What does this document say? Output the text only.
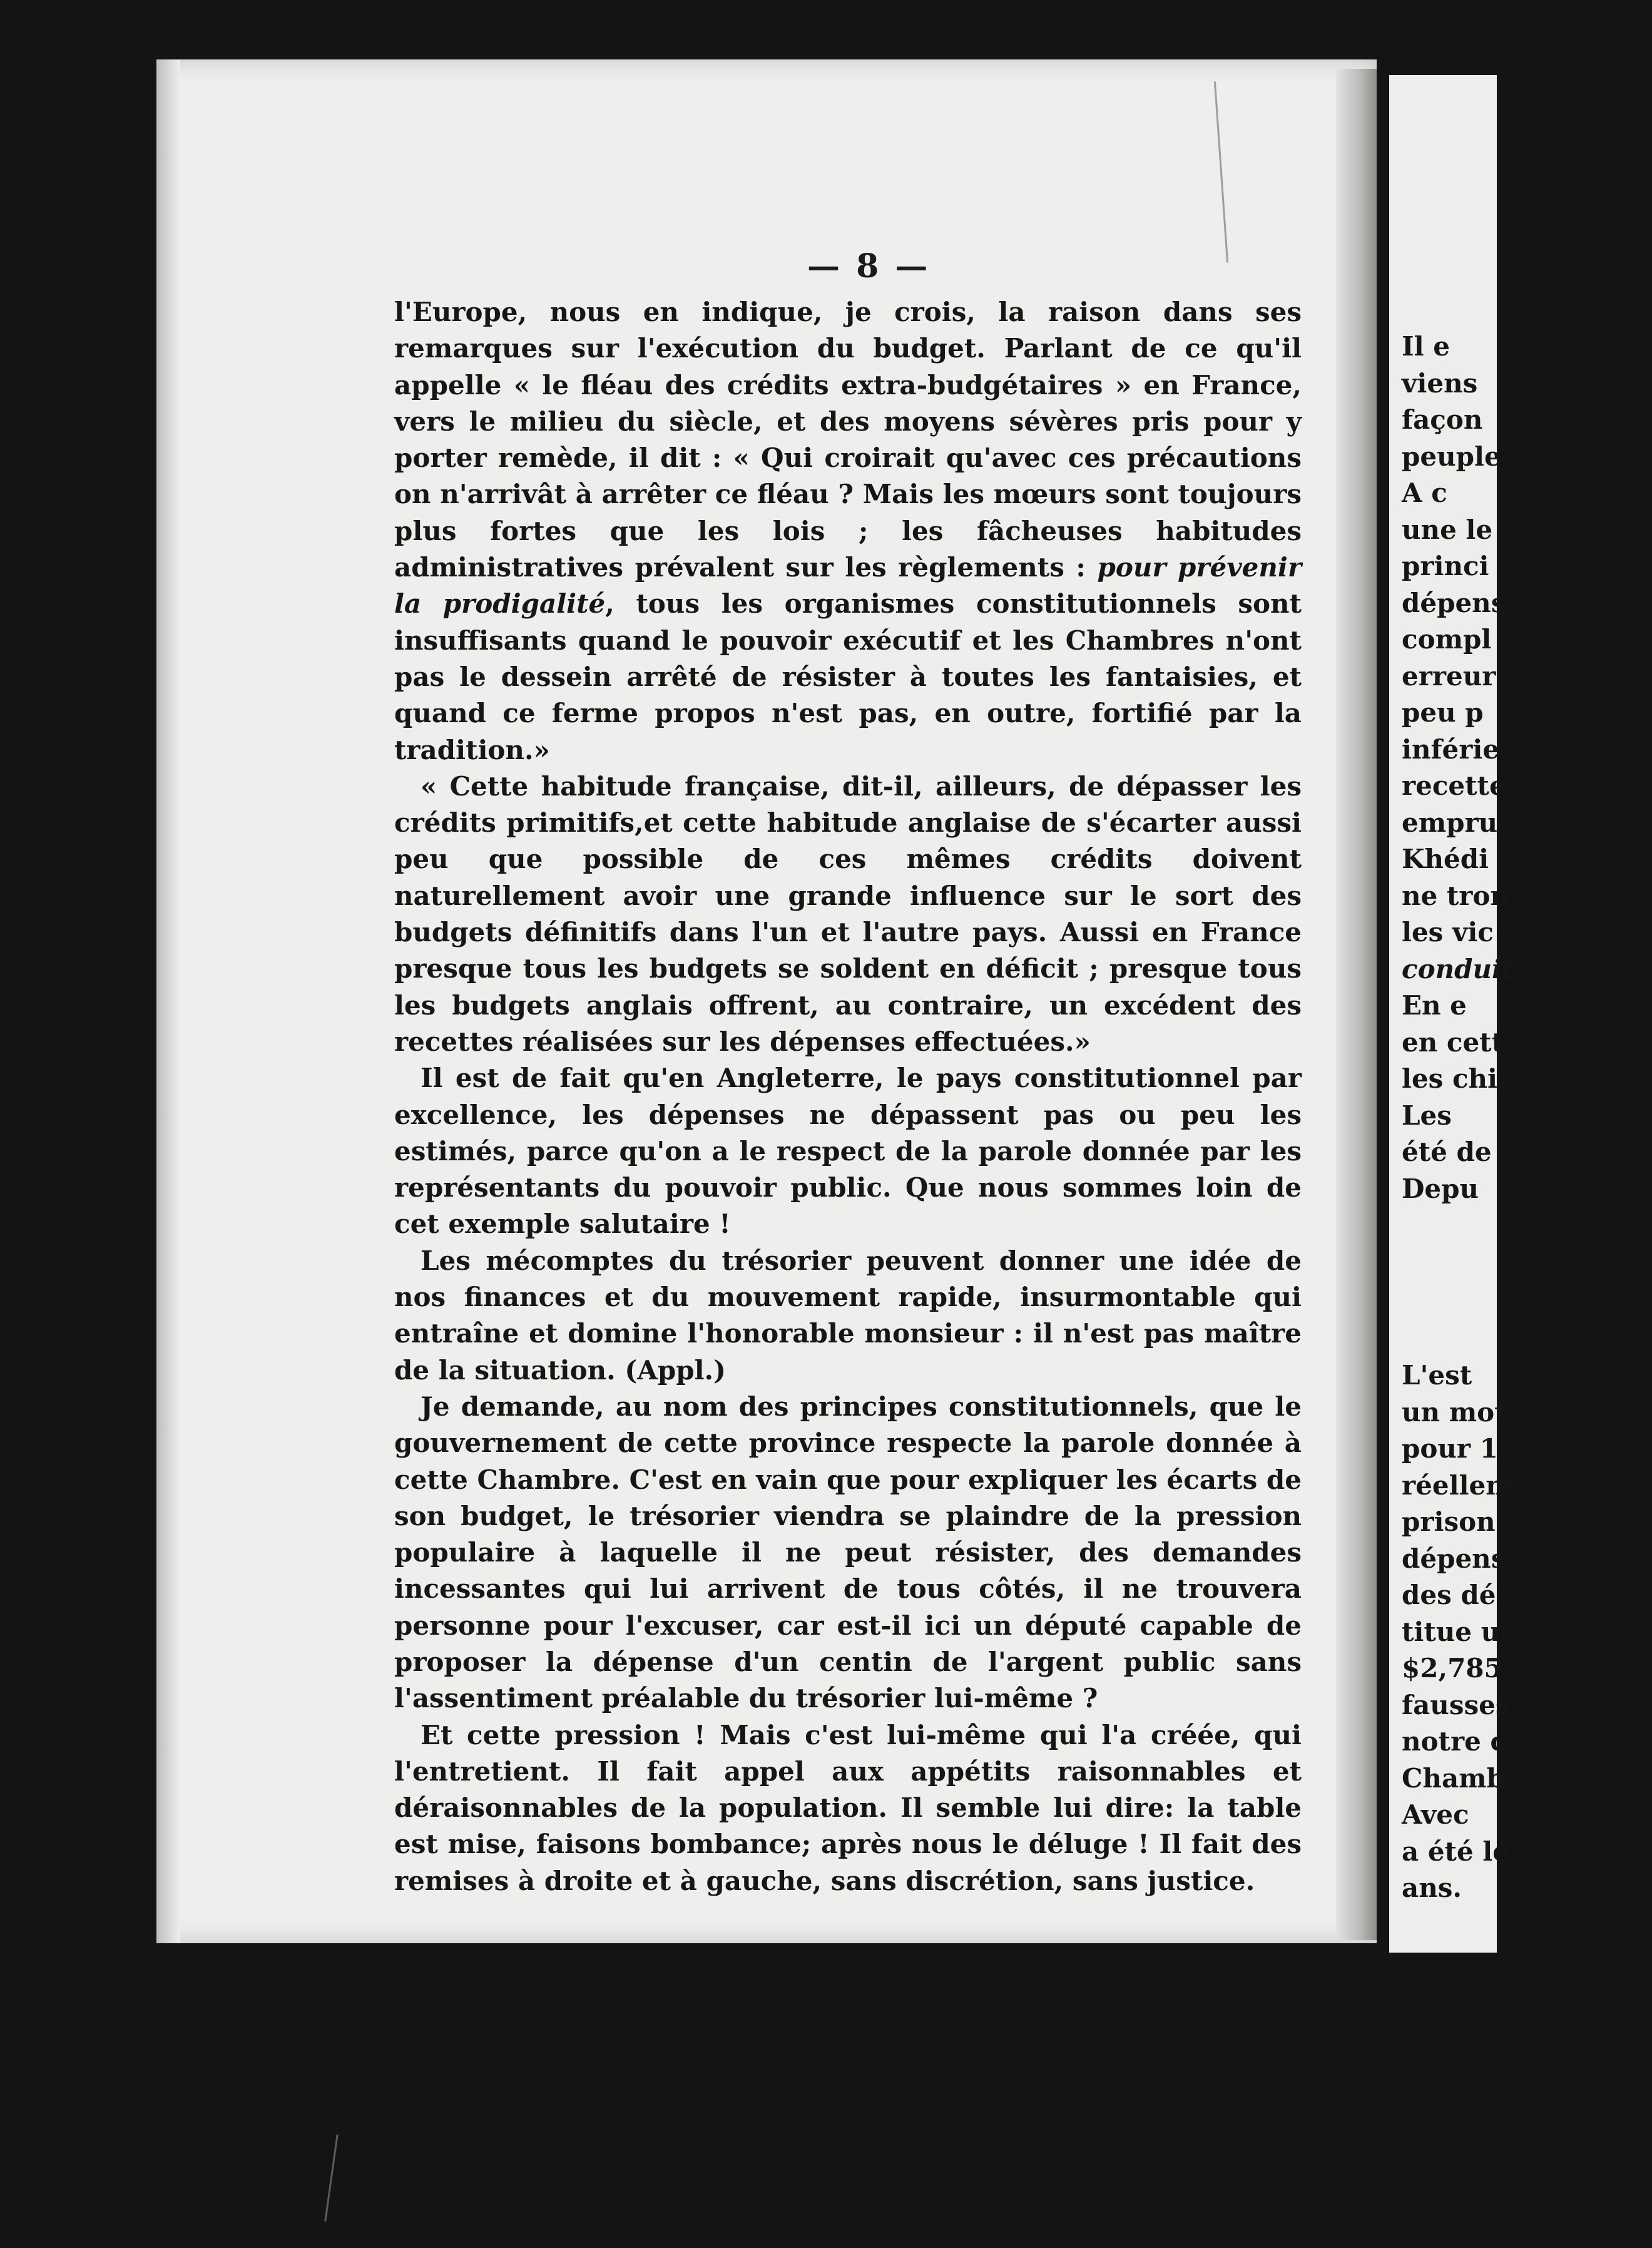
— 8 —

l'Europe, nous en indique, je crois, la raison dans ses remarques sur l'exécution du budget. Parlant de ce qu'il appelle « le fléau des crédits extra-budgétaires » en France, vers le milieu du siècle, et des moyens sévères pris pour y porter remède, il dit : « Qui croirait qu'avec ces précautions on n'arrivât à arrêter ce fléau ? Mais les mœurs sont toujours plus fortes que les lois ; les fâcheuses habitudes administratives prévalent sur les règlements : pour prévenir la prodigalité, tous les organismes constitutionnels sont insuffisants quand le pouvoir exécutif et les Chambres n'ont pas le dessein arrêté de résister à toutes les fantaisies, et quand ce ferme propos n'est pas, en outre, fortifié par la tradition.»

« Cette habitude française, dit-il, ailleurs, de dépasser les crédits primitifs,et cette habitude anglaise de s'écarter aussi peu que possible de ces mêmes crédits doivent naturellement avoir une grande influence sur le sort des budgets définitifs dans l'un et l'autre pays. Aussi en France presque tous les budgets se soldent en déficit ; presque tous les budgets anglais offrent, au contraire, un excédent des recettes réalisées sur les dépenses effectuées.»

Il est de fait qu'en Angleterre, le pays constitutionnel par excellence, les dépenses ne dépassent pas ou peu les estimés, parce qu'on a le respect de la parole donnée par les représentants du pouvoir public. Que nous sommes loin de cet exemple salutaire !

Les mécomptes du trésorier peuvent donner une idée de nos finances et du mouvement rapide, insurmontable qui entraîne et domine l'honorable monsieur : il n'est pas maître de la situation. (Appl.)

Je demande, au nom des principes constitutionnels, que le gouvernement de cette province respecte la parole donnée à cette Chambre. C'est en vain que pour expliquer les écarts de son budget, le trésorier viendra se plaindre de la pression populaire à laquelle il ne peut résister, des demandes incessantes qui lui arrivent de tous côtés, il ne trouvera personne pour l'excuser, car est-il ici un député capable de proposer la dépense d'un centin de l'argent public sans l'assentiment préalable du trésorier lui-même ?

Et cette pression ! Mais c'est lui-même qui l'a créée, qui l'entretient. Il fait appel aux appétits raisonnables et déraisonnables de la population. Il semble lui dire: la table est mise, faisons bombance; après nous le déluge ! Il fait des remises à droite et à gauche, sans discrétion, sans justice.

Il e
viens
façon
peuple
A c
une le
princi
dépens
compl
erreurs
peu p
inférie
recette
empru
Khédi
ne tron
les vic
conduit
En e
en cett
les chi
Les
été de
Depu
L'est
un mot
pour 1
réellem
prison
dépens
des dé
titue u
$2,785,
fausses
notre c
Chamb
Avec
a été le
ans.
